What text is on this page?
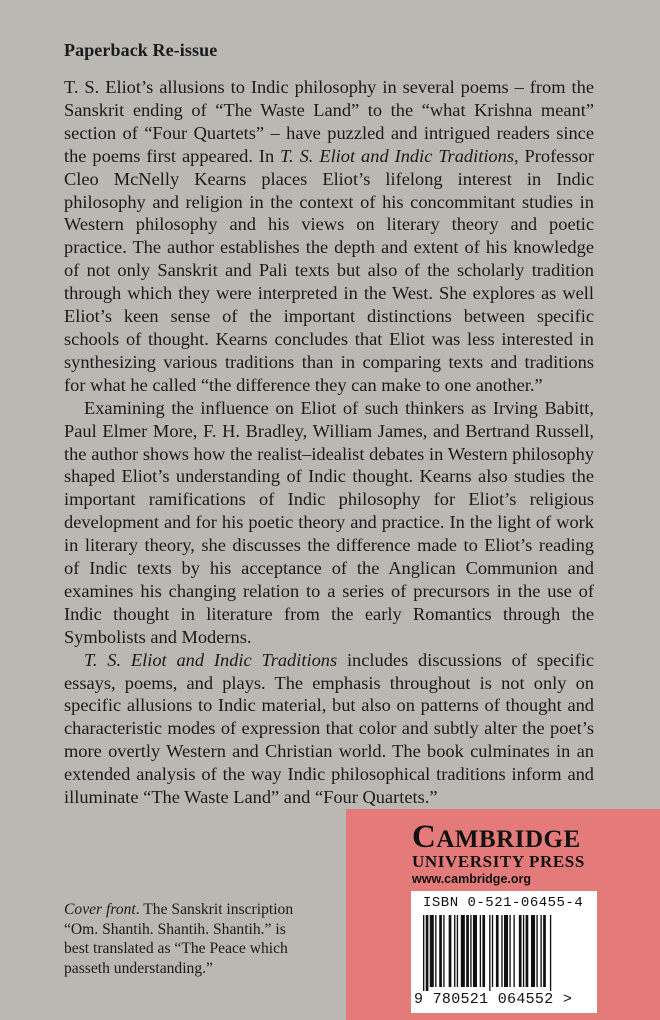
Paperback Re-issue

T. S. Eliot’s allusions to Indic philosophy in several poems – from the Sanskrit ending of “The Waste Land” to the “what Krishna meant” section of “Four Quartets” – have puzzled and intrigued readers since the poems first appeared. In T. S. Eliot and Indic Traditions, Professor Cleo McNelly Kearns places Eliot’s lifelong interest in Indic philosophy and religion in the context of his concommitant studies in Western philosophy and his views on literary theory and poetic practice. The author establishes the depth and extent of his knowledge of not only Sanskrit and Pali texts but also of the scholarly tradition through which they were interpreted in the West. She explores as well Eliot’s keen sense of the important distinctions between specific schools of thought. Kearns concludes that Eliot was less interested in synthesizing various traditions than in comparing texts and traditions for what he called “the difference they can make to one another.”

Examining the influence on Eliot of such thinkers as Irving Babitt, Paul Elmer More, F. H. Bradley, William James, and Bertrand Russell, the author shows how the realist–idealist debates in Western philosophy shaped Eliot’s understanding of Indic thought. Kearns also studies the important ramifications of Indic philosophy for Eliot’s religious development and for his poetic theory and practice. In the light of work in literary theory, she discusses the difference made to Eliot’s reading of Indic texts by his acceptance of the Anglican Communion and examines his changing relation to a series of precursors in the use of Indic thought in literature from the early Romantics through the Symbolists and Moderns.

T. S. Eliot and Indic Traditions includes discussions of specific essays, poems, and plays. The emphasis throughout is not only on specific allusions to Indic material, but also on patterns of thought and characteristic modes of expression that color and subtly alter the poet’s more overtly Western and Christian world. The book culminates in an extended analysis of the way Indic philosophical traditions inform and illuminate “The Waste Land” and “Four Quartets.”

Cover front. The Sanskrit inscription “Om. Shantih. Shantih. Shantih.” is best translated as “The Peace which passeth understanding.”
CAMBRIDGE
UNIVERSITY PRESS
www.cambridge.org
ISBN 0-521-06455-4
9 780521 064552 >
